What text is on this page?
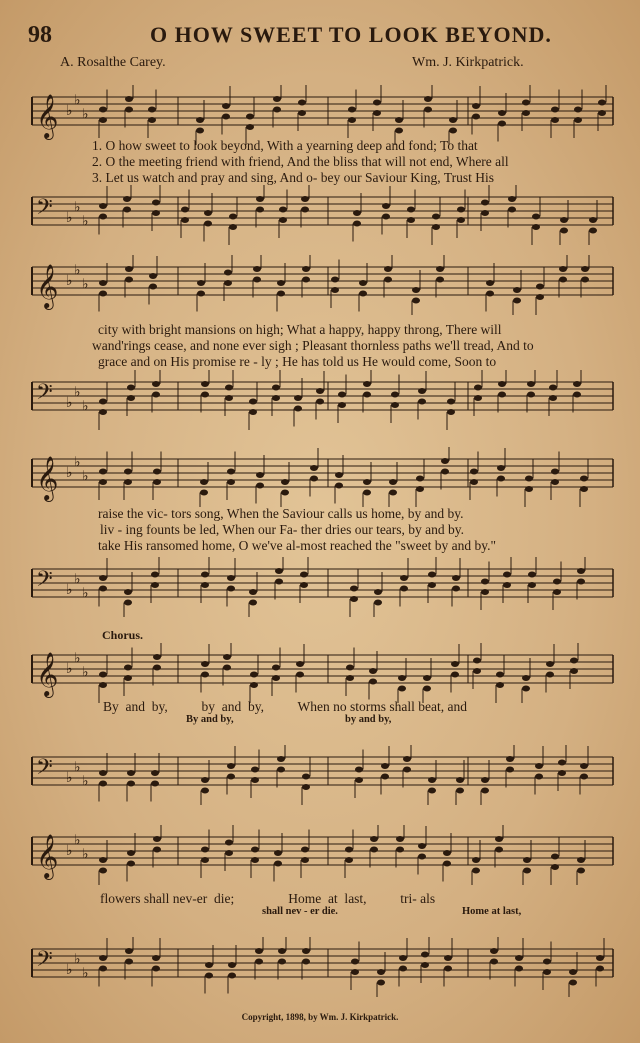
98	O HOW SWEET TO LOOK BEYOND.
A. Rosalthe Carey.	Wm. J. Kirkpatrick.
𝄞 ♭
♭
♭
1. O how sweet to look beyond, With a yearning deep and fond; To that
2. O the meeting friend with friend, And the bliss that will not end, Where all
3. Let us watch and pray and sing, And o- bey our Saviour King, Trust His
𝄢 ♭
♭
♭
𝄞 ♭
♭
♭
city with bright mansions on high; What a happy, happy throng, There will
wand'rings cease, and none ever sigh ; Pleasant thornless paths we'll tread, And to
grace and on His promise re - ly ; He has told us He would come, Soon to
𝄢 ♭
♭
♭
𝄞 ♭
♭
♭
raise the vic- tors song, When the Saviour calls us home, by and by.
liv - ing founts be led, When our Fa- ther dries our tears, by and by.
take His ransomed home, O we've al-most reached the "sweet by and by."
𝄢 ♭
♭
♭
Chorus.
𝄞 ♭
♭
♭
By  and  by,          by  and  by,          When no storms shall beat, and
By and by,	by and by,
𝄢 ♭
♭
♭
𝄞 ♭
♭
♭
flowers shall nev-er  die;                Home  at  last,          tri- als
shall nev - er die.	Home at last,
𝄢 ♭
♭
♭
Copyright, 1898, by Wm. J. Kirkpatrick.
